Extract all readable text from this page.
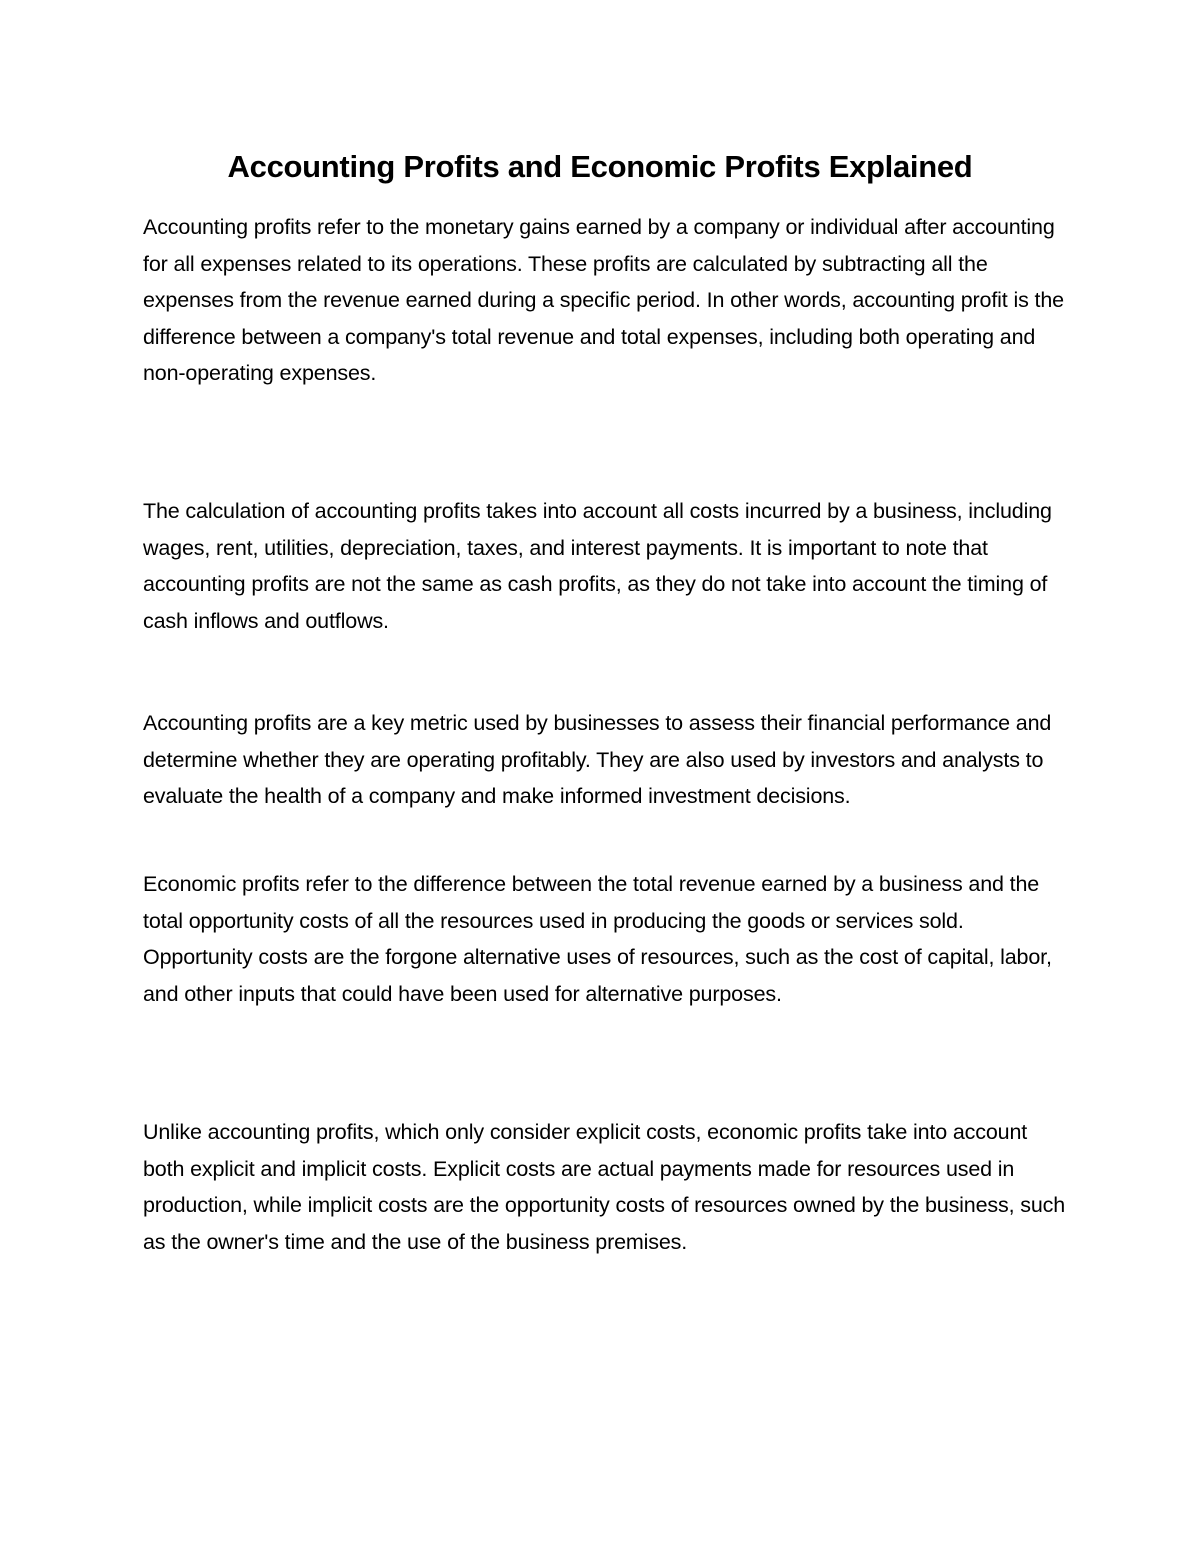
Accounting Profits and Economic Profits Explained

Accounting profits refer to the monetary gains earned by a company or individual after accounting for all expenses related to its operations. These profits are calculated by subtracting all the expenses from the revenue earned during a specific period. In other words, accounting profit is the difference between a company's total revenue and total expenses, including both operating and non-operating expenses.

The calculation of accounting profits takes into account all costs incurred by a business, including wages, rent, utilities, depreciation, taxes, and interest payments. It is important to note that accounting profits are not the same as cash profits, as they do not take into account the timing of cash inflows and outflows.

Accounting profits are a key metric used by businesses to assess their financial performance and determine whether they are operating profitably. They are also used by investors and analysts to evaluate the health of a company and make informed investment decisions.

Economic profits refer to the difference between the total revenue earned by a business and the total opportunity costs of all the resources used in producing the goods or services sold. Opportunity costs are the forgone alternative uses of resources, such as the cost of capital, labor, and other inputs that could have been used for alternative purposes.

Unlike accounting profits, which only consider explicit costs, economic profits take into account both explicit and implicit costs. Explicit costs are actual payments made for resources used in production, while implicit costs are the opportunity costs of resources owned by the business, such as the owner's time and the use of the business premises.
